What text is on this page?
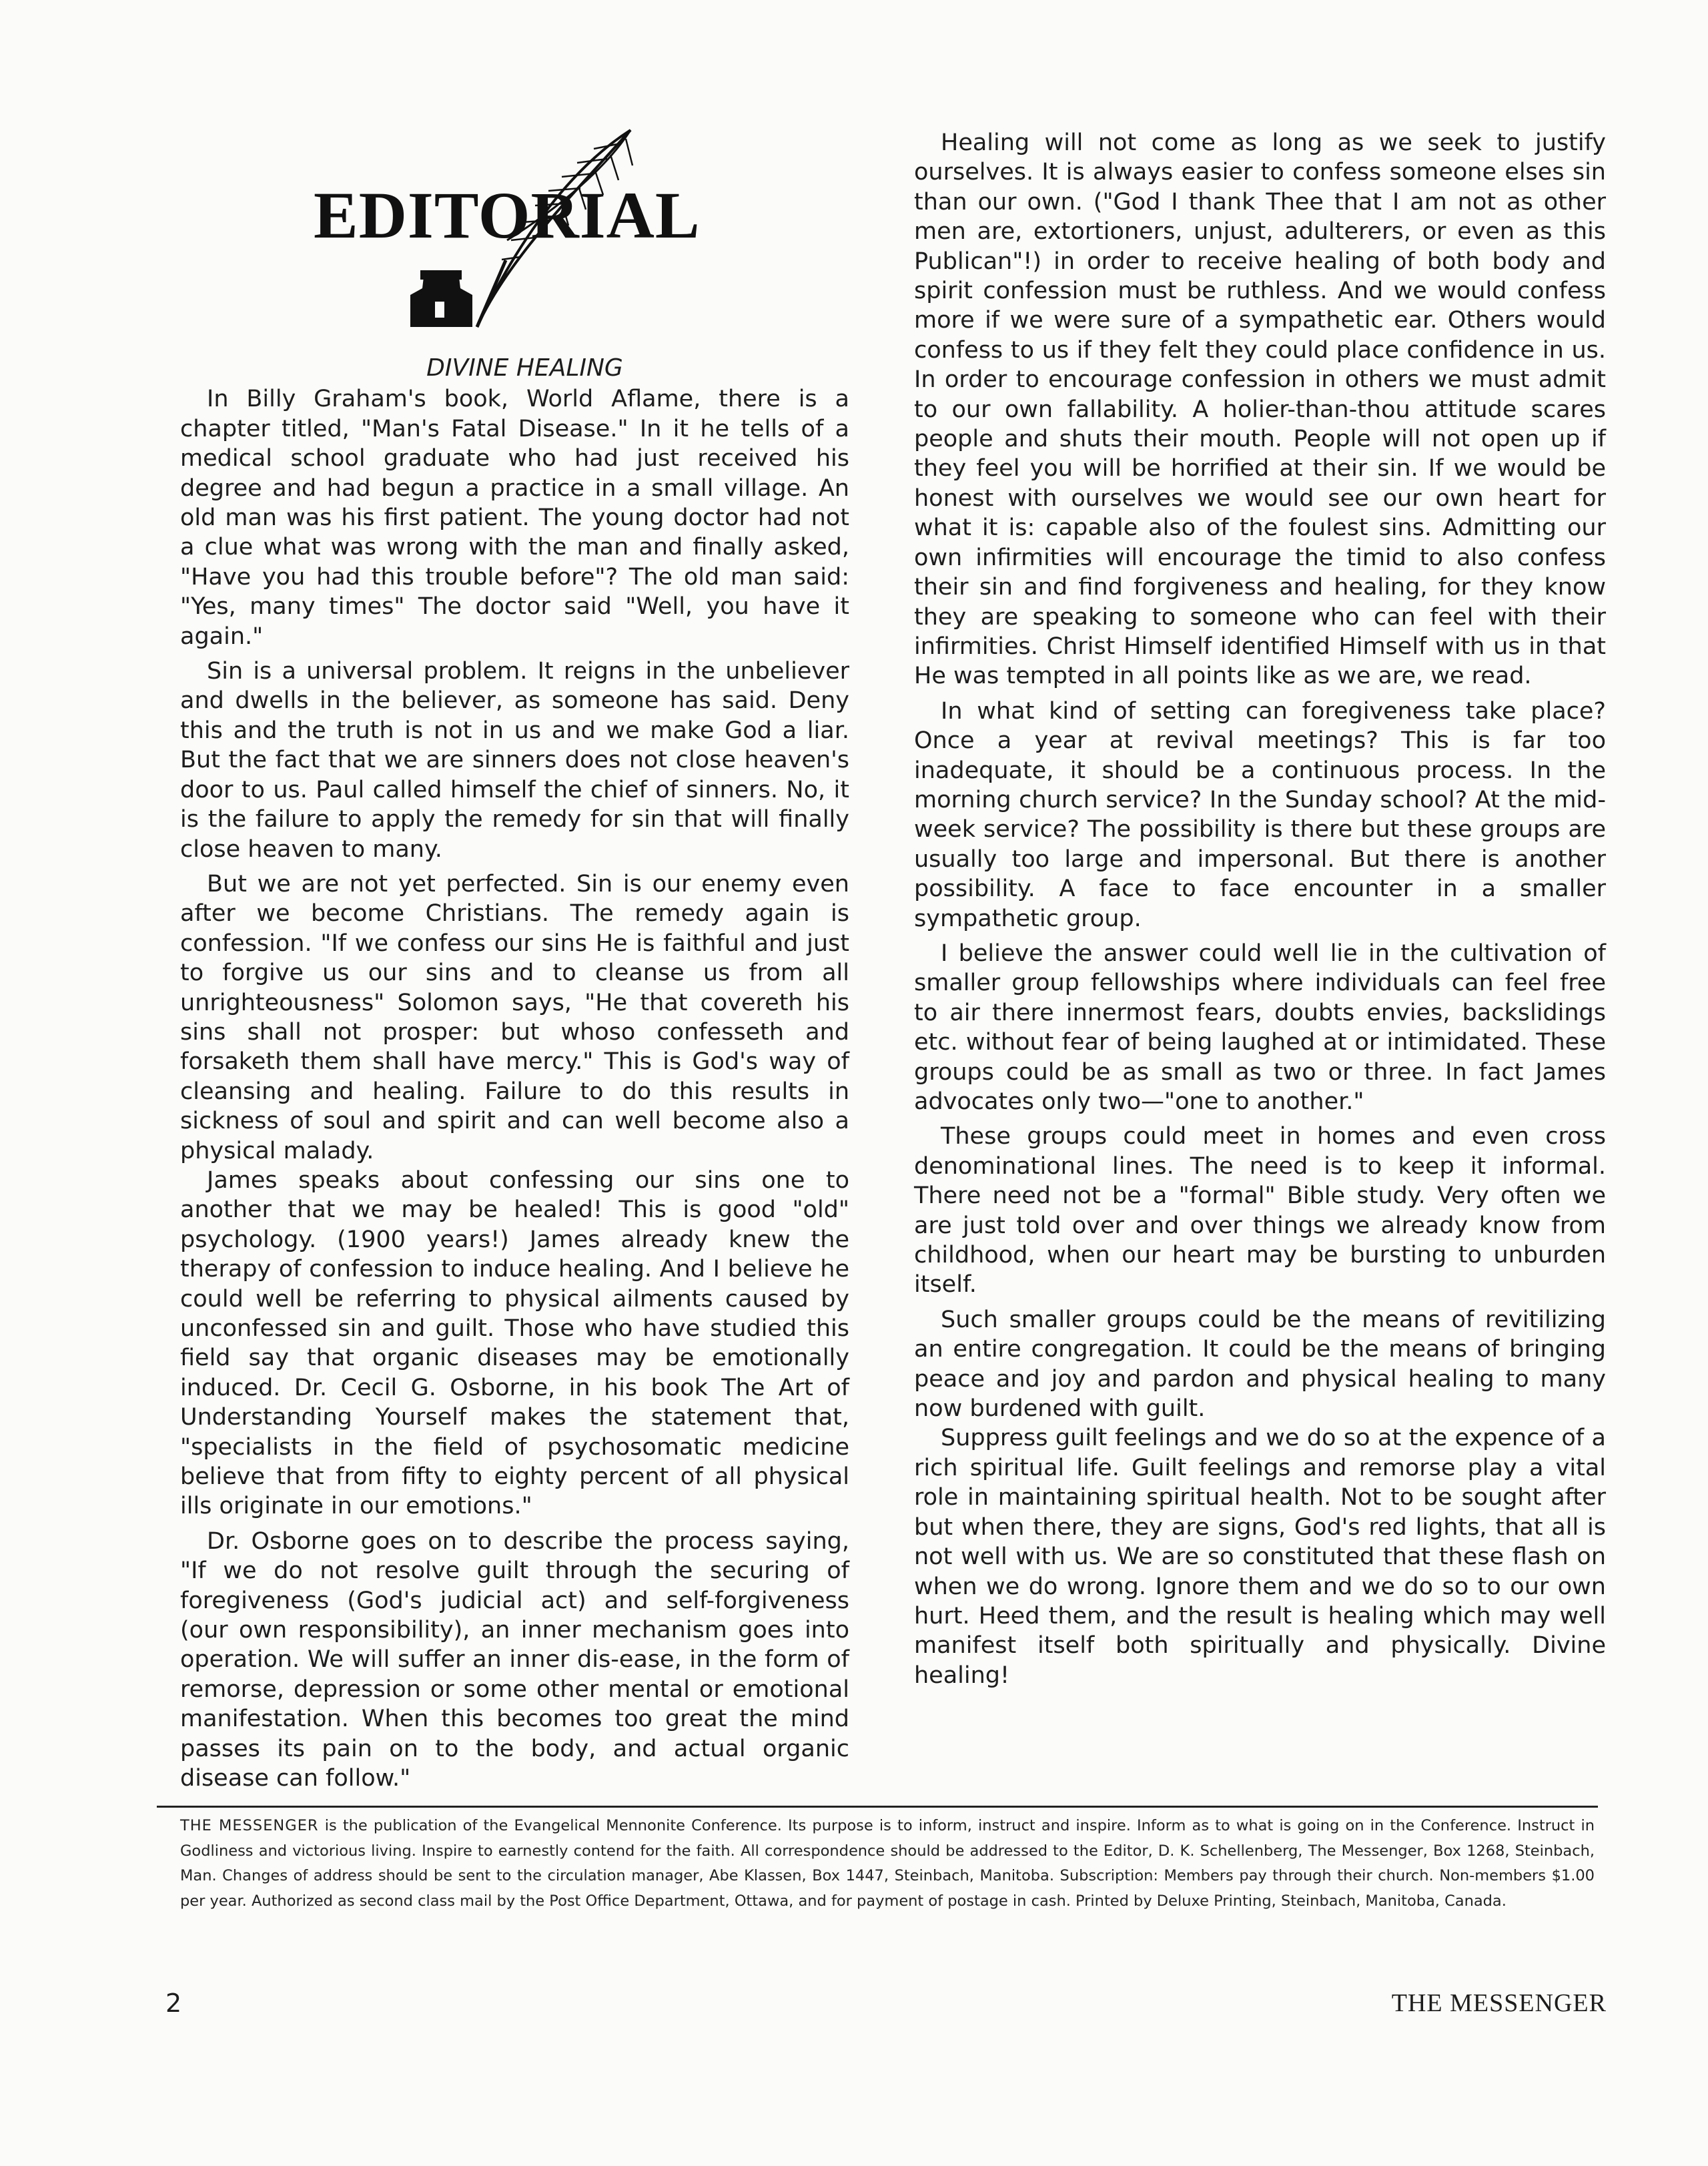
EDITORIAL
DIVINE HEALING

In Billy Graham's book, World Aflame, there is a chapter titled, "Man's Fatal Disease." In it he tells of a medical school graduate who had just received his degree and had begun a practice in a small village. An old man was his first patient. The young doctor had not a clue what was wrong with the man and finally asked, "Have you had this trouble before"? The old man said: "Yes, many times" The doctor said "Well, you have it again."

Sin is a universal problem. It reigns in the unbeliever and dwells in the believer, as someone has said. Deny this and the truth is not in us and we make God a liar. But the fact that we are sinners does not close heaven's door to us. Paul called himself the chief of sinners. No, it is the failure to apply the remedy for sin that will finally close heaven to many.

But we are not yet perfected. Sin is our enemy even after we become Christians. The remedy again is confession. "If we confess our sins He is faithful and just to forgive us our sins and to cleanse us from all unrighteousness" Solomon says, "He that covereth his sins shall not prosper: but whoso confesseth and forsaketh them shall have mercy." This is God's way of cleansing and healing. Failure to do this results in sickness of soul and spirit and can well become also a physical malady.

James speaks about confessing our sins one to another that we may be healed! This is good "old" psychology. (1900 years!) James already knew the therapy of confession to induce healing. And I believe he could well be referring to physical ailments caused by unconfessed sin and guilt. Those who have studied this field say that organic diseases may be emotionally induced. Dr. Cecil G. Osborne, in his book The Art of Understanding Yourself makes the statement that, "specialists in the field of psychosomatic medicine believe that from fifty to eighty percent of all physical ills originate in our emotions."

Dr. Osborne goes on to describe the process saying, "If we do not resolve guilt through the securing of foregiveness (God's judicial act) and self-forgiveness (our own responsibility), an inner mechanism goes into operation. We will suffer an inner dis-ease, in the form of remorse, depression or some other mental or emotional manifestation. When this becomes too great the mind passes its pain on to the body, and actual organic disease can follow."

Healing will not come as long as we seek to justify ourselves. It is always easier to confess someone elses sin than our own. ("God I thank Thee that I am not as other men are, extortioners, unjust, adulterers, or even as this Publican"!) in order to receive healing of both body and spirit confession must be ruthless. And we would confess more if we were sure of a sympathetic ear. Others would confess to us if they felt they could place confidence in us. In order to encourage confession in others we must admit to our own fallability. A holier-than-thou attitude scares people and shuts their mouth. People will not open up if they feel you will be horrified at their sin. If we would be honest with ourselves we would see our own heart for what it is: capable also of the foulest sins. Admitting our own infirmities will encourage the timid to also confess their sin and find forgiveness and healing, for they know they are speaking to someone who can feel with their infirmities. Christ Himself identified Himself with us in that He was tempted in all points like as we are, we read.

In what kind of setting can foregiveness take place? Once a year at revival meetings? This is far too inadequate, it should be a continuous process. In the morning church service? In the Sunday school? At the mid-week service? The possibility is there but these groups are usually too large and impersonal. But there is another possibility. A face to face encounter in a smaller sympathetic group.

I believe the answer could well lie in the cultivation of smaller group fellowships where individuals can feel free to air there innermost fears, doubts envies, backslidings etc. without fear of being laughed at or intimidated. These groups could be as small as two or three. In fact James advocates only two—"one to another."

These groups could meet in homes and even cross denominational lines. The need is to keep it informal. There need not be a "formal" Bible study. Very often we are just told over and over things we already know from childhood, when our heart may be bursting to unburden itself.

Such smaller groups could be the means of revitilizing an entire congregation. It could be the means of bringing peace and joy and pardon and physical healing to many now burdened with guilt.

Suppress guilt feelings and we do so at the expence of a rich spiritual life. Guilt feelings and remorse play a vital role in maintaining spiritual health. Not to be sought after but when there, they are signs, God's red lights, that all is not well with us. We are so constituted that these flash on when we do wrong. Ignore them and we do so to our own hurt. Heed them, and the result is healing which may well manifest itself both spiritually and physically. Divine healing!

THE MESSENGER is the publication of the Evangelical Mennonite Conference. Its purpose is to inform, instruct and inspire. Inform as to what is going on in the Conference. Instruct in Godliness and victorious living. Inspire to earnestly contend for the faith. All correspondence should be addressed to the Editor, D. K. Schellenberg, The Messenger, Box 1268, Steinbach, Man. Changes of address should be sent to the circulation manager, Abe Klassen, Box 1447, Steinbach, Manitoba. Subscription: Members pay through their church. Non-members $1.00 per year. Authorized as second class mail by the Post Office Department, Ottawa, and for payment of postage in cash. Printed by Deluxe Printing, Steinbach, Manitoba, Canada.
2	THE MESSENGER
